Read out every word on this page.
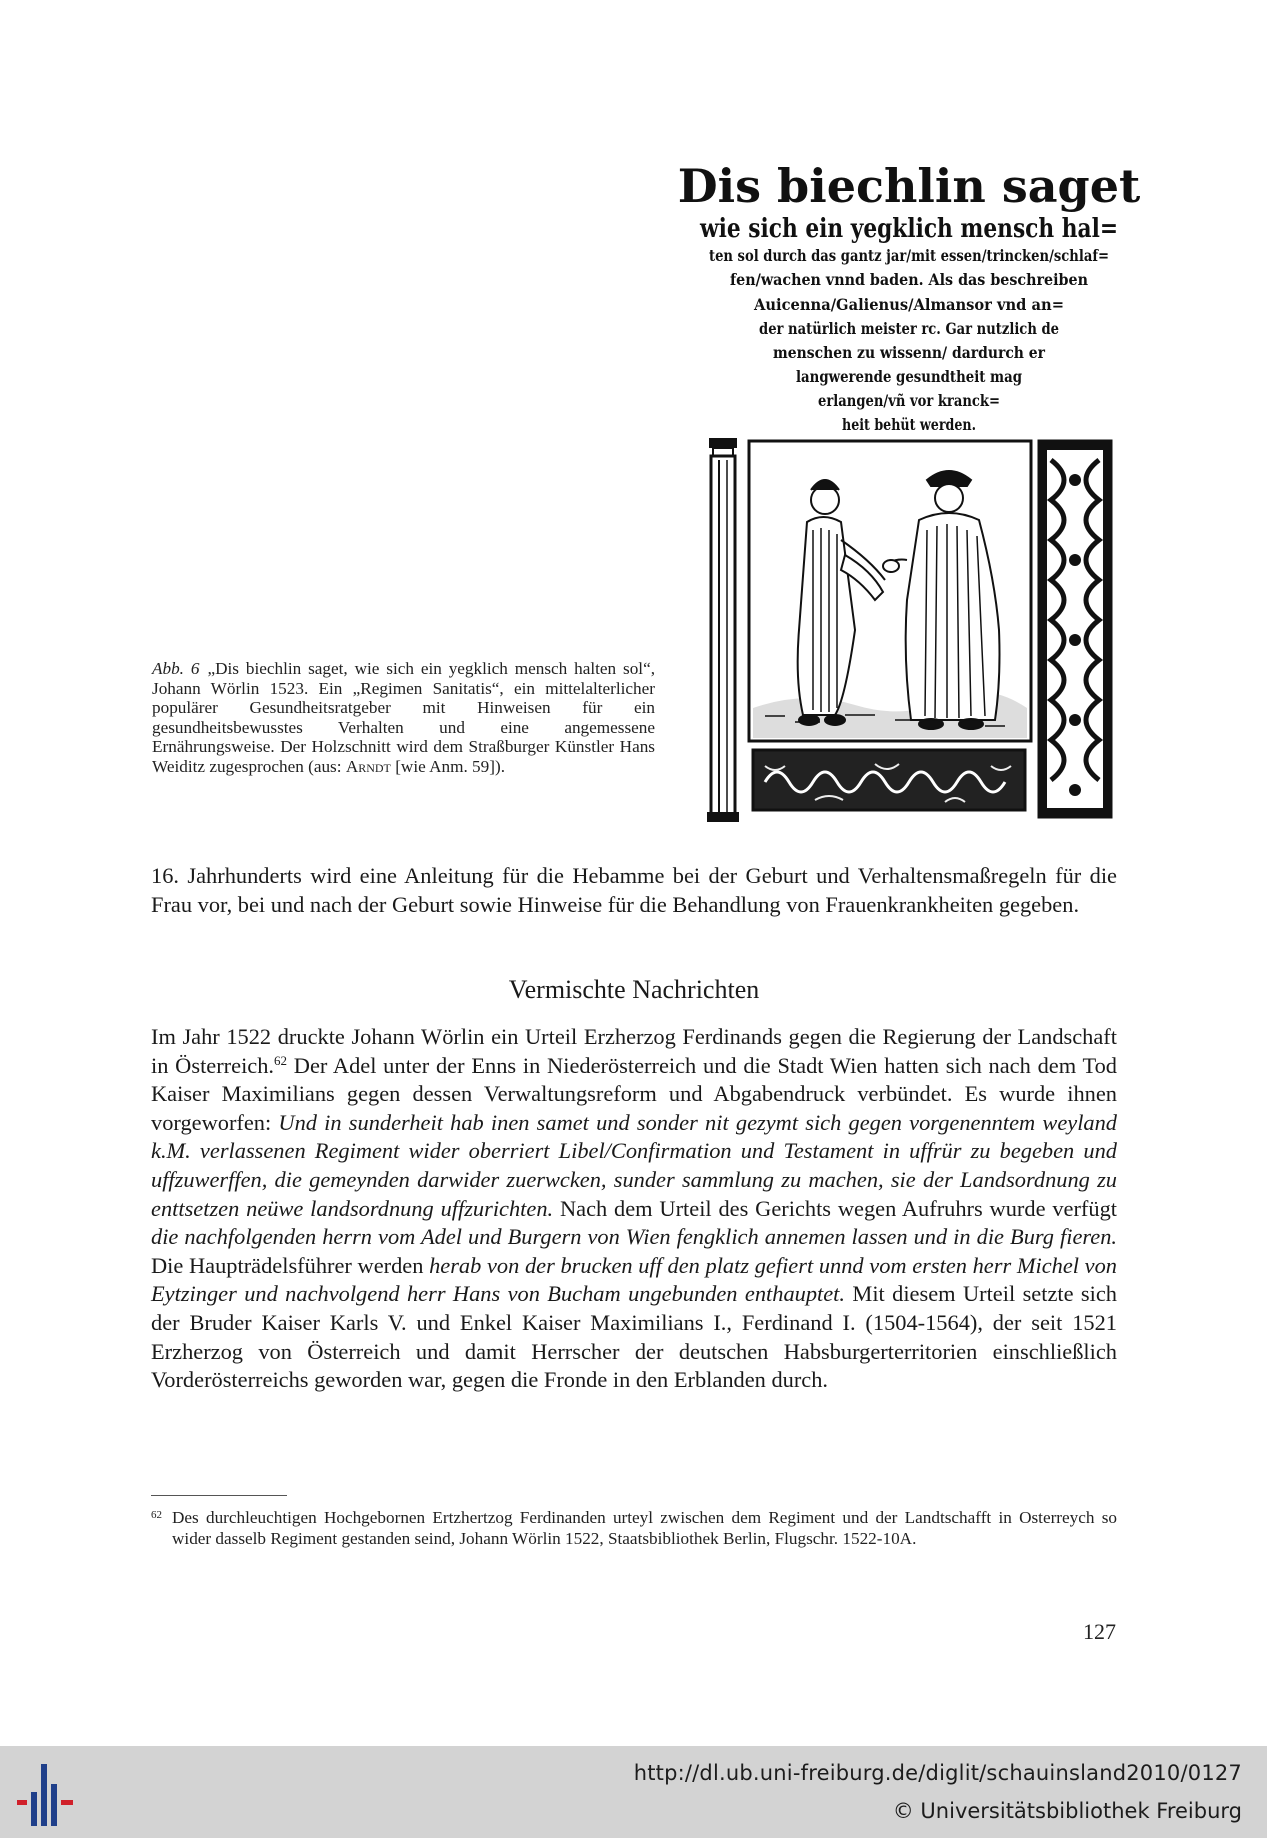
Dis biechlin saget
wie sich ein yegklich mensch hal=
ten sol durch das gantz jar/mit essen/trincken/schlaf=
fen/wachen vnnd baden. Als das beschreiben
Auicenna/Galienus/Almansor vnd an=
der natürlich meister rc. Gar nutzlich de
menschen zu wissenn/ dardurch er
langwerende gesundtheit mag
erlangen/vñ vor kranck=
heit behüt werden.
Abb. 6 „Dis biechlin saget, wie sich ein yegklich mensch halten sol“, Johann Wörlin 1523. Ein „Regimen Sanitatis“, ein mittelalterlicher populärer Gesundheitsratgeber mit Hinweisen für ein gesundheitsbewusstes Verhalten und eine angemessene Ernährungsweise. Der Holzschnitt wird dem Straßburger Künstler Hans Weiditz zugesprochen (aus: Arndt [wie Anm. 59]).

16. Jahrhunderts wird eine Anleitung für die Hebamme bei der Geburt und Verhaltensmaßregeln für die Frau vor, bei und nach der Geburt sowie Hinweise für die Behandlung von Frauenkrankheiten gegeben.

Vermischte Nachrichten

Im Jahr 1522 druckte Johann Wörlin ein Urteil Erzherzog Ferdinands gegen die Regierung der Landschaft in Österreich.$^{62}$ Der Adel unter der Enns in Niederösterreich und die Stadt Wien hatten sich nach dem Tod Kaiser Maximilians gegen dessen Verwaltungsreform und Abgabendruck verbündet. Es wurde ihnen vorgeworfen: Und in sunderheit hab inen samet und sonder nit gezymt sich gegen vorgenenntem weyland k.M. verlassenen Regiment wider oberriert Libel/Confirmation und Testament in uffrür zu begeben und uffzuwerffen, die gemeynden darwider zuerwcken, sunder sammlung zu machen, sie der Landsordnung zu enttsetzen neüwe landsordnung uffzurichten. Nach dem Urteil des Gerichts wegen Aufruhrs wurde verfügt die nachfolgenden herrn vom Adel und Burgern von Wien fengklich annemen lassen und in die Burg fieren. Die Haupträdelsführer werden herab von der brucken uff den platz gefiert unnd vom ersten herr Michel von Eytzinger und nachvolgend herr Hans von Bucham ungebunden enthauptet. Mit diesem Urteil setzte sich der Bruder Kaiser Karls V. und Enkel Kaiser Maximilians I., Ferdinand I. (1504-1564), der seit 1521 Erzherzog von Österreich und damit Herrscher der deutschen Habsburgerterritorien einschließlich Vorderösterreichs geworden war, gegen die Fronde in den Erblanden durch.

62 Des durchleuchtigen Hochgebornen Ertzhertzog Ferdinanden urteyl zwischen dem Regiment und der Landtschafft in Osterreych so wider dasselb Regiment gestanden seind, Johann Wörlin 1522, Staatsbibliothek Berlin, Flugschr. 1522-10A.
127
http://dl.ub.uni-freiburg.de/diglit/schauinsland2010/0127
© Universitätsbibliothek Freiburg
